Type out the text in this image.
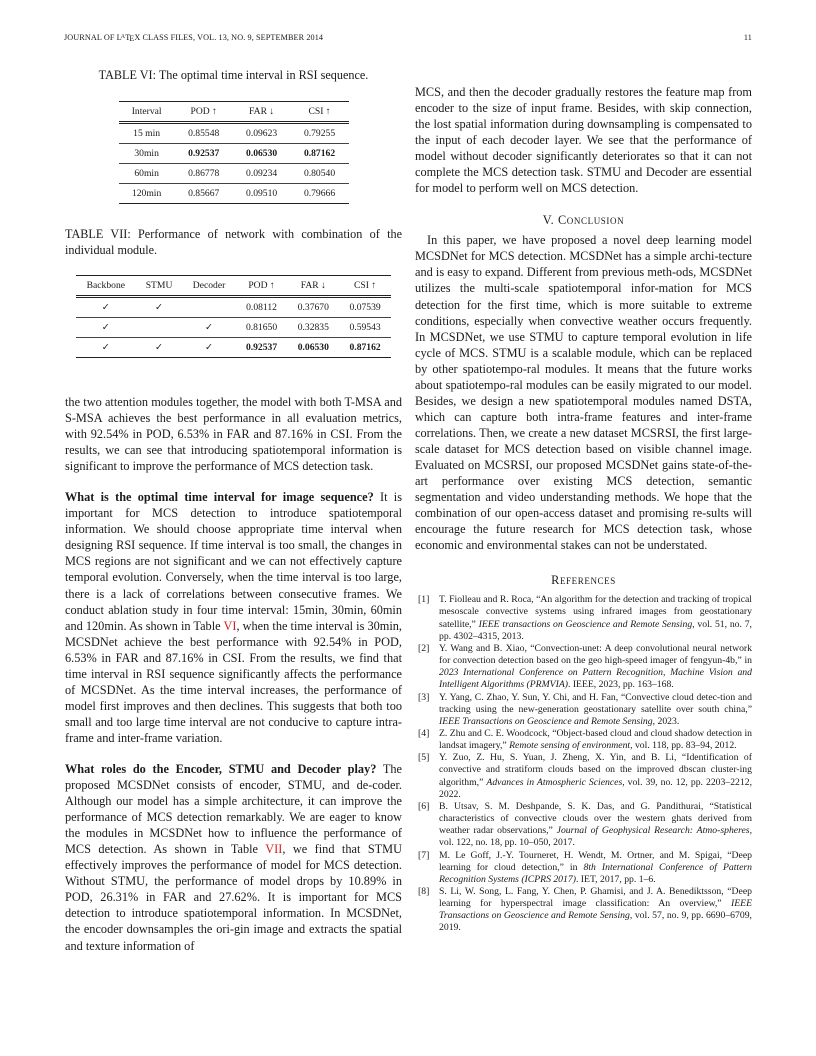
JOURNAL OF $L^AT_EX$ CLASS FILES, VOL. 13, NO. 9, SEPTEMBER 2014	11
TABLE VI: The optimal time interval in RSI sequence.
Interval	POD ↑	FAR ↓	CSI ↑
15 min	0.85548	0.09623	0.79255
30min	0.92537	0.06530	0.87162
60min	0.86778	0.09234	0.80540
120min	0.85667	0.09510	0.79666
TABLE VII: Performance of network with combination of the individual module.
Backbone	STMU	Decoder	POD ↑	FAR ↓	CSI ↑
✓	✓		0.08112	0.37670	0.07539
✓		✓	0.81650	0.32835	0.59543
✓	✓	✓	0.92537	0.06530	0.87162

the two attention modules together, the model with both T-MSA and S-MSA achieves the best performance in all evaluation metrics, with 92.54% in POD, 6.53% in FAR and 87.16% in CSI. From the results, we can see that introducing spatiotemporal information is significant to improve the performance of MCS detection task.

What is the optimal time interval for image sequence? It is important for MCS detection to introduce spatiotemporal information. We should choose appropriate time interval when designing RSI sequence. If time interval is too small, the changes in MCS regions are not significant and we can not effectively capture temporal evolution. Conversely, when the time interval is too large, there is a lack of correlations between consecutive frames. We conduct ablation study in four time interval: 15min, 30min, 60min and 120min. As shown in Table VI, when the time interval is 30min, MCSDNet achieve the best performance with 92.54% in POD, 6.53% in FAR and 87.16% in CSI. From the results, we find that time interval in RSI sequence significantly affects the performance of MCSDNet. As the time interval increases, the performance of model first improves and then declines. This suggests that both too small and too large time interval are not conducive to capture intra-frame and inter-frame variation.

What roles do the Encoder, STMU and Decoder play? The proposed MCSDNet consists of encoder, STMU, and de-coder. Although our model has a simple architecture, it can improve the performance of MCS detection remarkably. We are eager to know the modules in MCSDNet how to influence the performance of MCS detection. As shown in Table VII, we find that STMU effectively improves the performance of model for MCS detection. Without STMU, the performance of model drops by 10.89% in POD, 26.31% in FAR and 27.62%. It is important for MCS detection to introduce spatiotemporal information. In MCSDNet, the encoder downsamples the ori-gin image and extracts the spatial and texture information of

MCS, and then the decoder gradually restores the feature map from encoder to the size of input frame. Besides, with skip connection, the lost spatial information during downsampling is compensated to the input of each decoder layer. We see that the performance of model without decoder significantly deteriorates so that it can not complete the MCS detection task. STMU and Decoder are essential for model to perform well on MCS detection.

V. Conclusion

In this paper, we have proposed a novel deep learning model MCSDNet for MCS detection. MCSDNet has a simple archi-tecture and is easy to expand. Different from previous meth-ods, MCSDNet utilizes the multi-scale spatiotemporal infor-mation for MCS detection for the first time, which is more suitable to extreme conditions, especially when convective weather occurs frequently. In MCSDNet, we use STMU to capture temporal evolution in life cycle of MCS. STMU is a scalable module, which can be replaced by other spatiotempo-ral modules. It means that the future works about spatiotempo-ral modules can be easily migrated to our model. Besides, we design a new spatiotemporal modules named DSTA, which can capture both intra-frame features and inter-frame correlations. Then, we create a new dataset MCSRSI, the first large-scale dataset for MCS detection based on visible channel image. Evaluated on MCSRSI, our proposed MCSDNet gains state-of-the-art performance over existing MCS detection, semantic segmentation and video understanding methods. We hope that the combination of our open-access dataset and promising re-sults will encourage the future research for MCS detection task, whose economic and environmental stakes can not be understated.

References
[1] T. Fiolleau and R. Roca, “An algorithm for the detection and tracking of tropical mesoscale convective systems using infrared images from geostationary satellite,” IEEE transactions on Geoscience and Remote Sensing, vol. 51, no. 7, pp. 4302–4315, 2013.
[2] Y. Wang and B. Xiao, “Convection-unet: A deep convolutional neural network for convection detection based on the geo high-speed imager of fengyun-4b,” in 2023 International Conference on Pattern Recognition, Machine Vision and Intelligent Algorithms (PRMVIA). IEEE, 2023, pp. 163–168.
[3] Y. Yang, C. Zhao, Y. Sun, Y. Chi, and H. Fan, “Convective cloud detec-tion and tracking using the new-generation geostationary satellite over south china,” IEEE Transactions on Geoscience and Remote Sensing, 2023.
[4] Z. Zhu and C. E. Woodcock, “Object-based cloud and cloud shadow detection in landsat imagery,” Remote sensing of environment, vol. 118, pp. 83–94, 2012.
[5] Y. Zuo, Z. Hu, S. Yuan, J. Zheng, X. Yin, and B. Li, “Identification of convective and stratiform clouds based on the improved dbscan cluster-ing algorithm,” Advances in Atmospheric Sciences, vol. 39, no. 12, pp. 2203–2212, 2022.
[6] B. Utsav, S. M. Deshpande, S. K. Das, and G. Pandithurai, “Statistical characteristics of convective clouds over the western ghats derived from weather radar observations,” Journal of Geophysical Research: Atmo-spheres, vol. 122, no. 18, pp. 10–050, 2017.
[7] M. Le Goff, J.-Y. Tourneret, H. Wendt, M. Ortner, and M. Spigai, “Deep learning for cloud detection,” in 8th International Conference of Pattern Recognition Systems (ICPRS 2017). IET, 2017, pp. 1–6.
[8] S. Li, W. Song, L. Fang, Y. Chen, P. Ghamisi, and J. A. Benediktsson, “Deep learning for hyperspectral image classification: An overview,” IEEE Transactions on Geoscience and Remote Sensing, vol. 57, no. 9, pp. 6690–6709, 2019.
